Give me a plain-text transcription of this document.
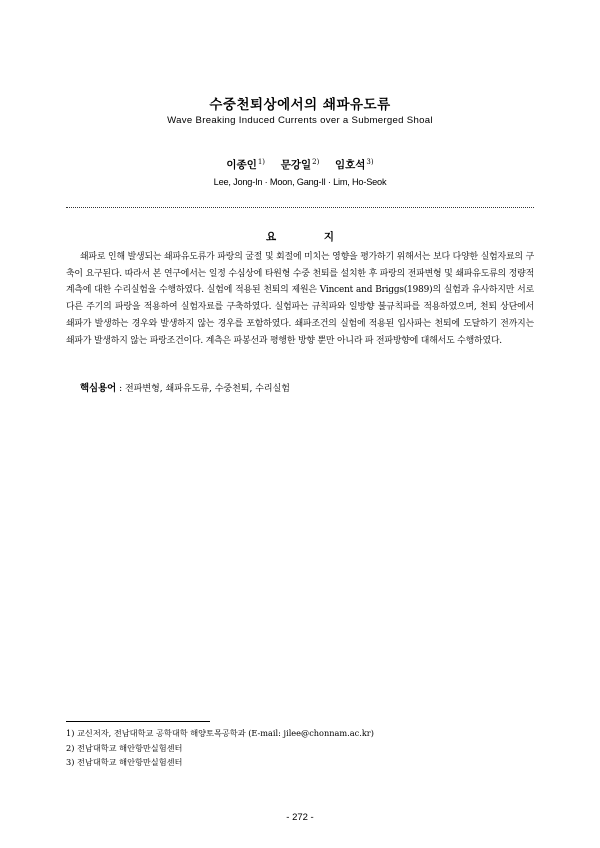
수중천퇴상에서의 쇄파유도류
Wave Breaking Induced Currents over a Submerged Shoal
이종인$^{1)}$ 문강일$^{2)}$ 임호석$^{3)}$
Lee, Jong-In · Moon, Gang-Il · Lim, Ho-Seok
요 지
쇄파로 인해 발생되는 쇄파유도류가 파랑의 굴절 및 회절에 미치는 영향을 평가하기 위해서는 보다 다양한 실험자료의 구축이 요구된다. 따라서 본 연구에서는 일정 수심상에 타원형 수중 천퇴를 설치한 후 파랑의 전파변형 및 쇄파유도류의 정량적 계측에 대한 수리실험을 수행하였다. 실험에 적용된 천퇴의 제원은 Vincent and Briggs(1989)의 실험과 유사하지만 서로 다른 주기의 파랑을 적용하여 실험자료를 구축하였다. 실험파는 규칙파와 일방향 불규칙파를 적용하였으며, 천퇴 상단에서 쇄파가 발생하는 경우와 발생하지 않는 경우를 포함하였다. 쇄파조건의 실험에 적용된 입사파는 천퇴에 도달하기 전까지는 쇄파가 발생하지 않는 파랑조건이다. 계측은 파봉선과 평행한 방향 뿐만 아니라 파 전파방향에 대해서도 수행하였다.
핵심용어 : 전파변형, 쇄파유도류, 수중천퇴, 수리실험
1) 교신저자, 전남대학교 공학대학 해양토목공학과 (E-mail: jilee@chonnam.ac.kr)
2) 전남대학교 해안항만실험센터
3) 전남대학교 해안항만실험센터
- 272 -
